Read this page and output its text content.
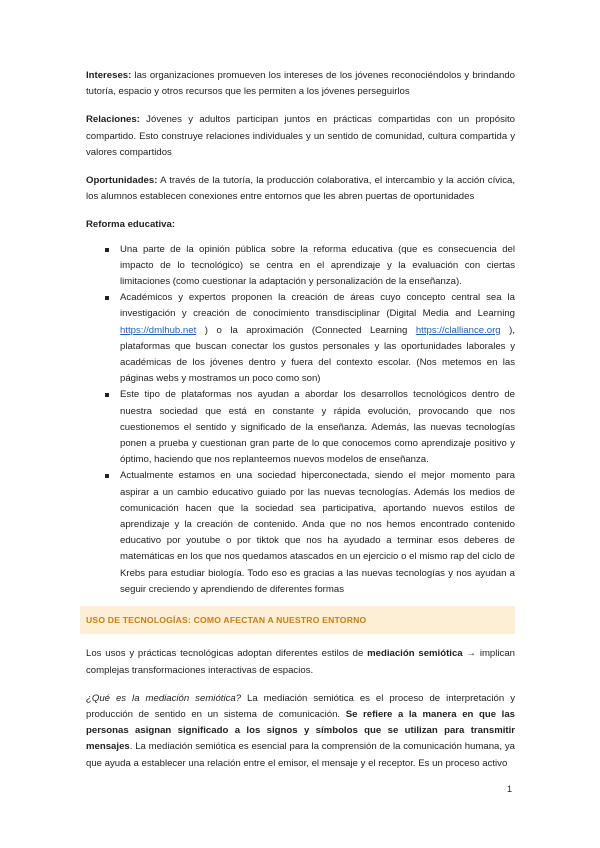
Intereses: las organizaciones promueven los intereses de los jóvenes reconociéndolos y brindando tutoría, espacio y otros recursos que les permiten a los jóvenes perseguirlos

Relaciones: Jóvenes y adultos participan juntos en prácticas compartidas con un propósito compartido. Esto construye relaciones individuales y un sentido de comunidad, cultura compartida y valores compartidos

Oportunidades: A través de la tutoría, la producción colaborativa, el intercambio y la acción cívica, los alumnos establecen conexiones entre entornos que les abren puertas de oportunidades

Reforma educativa:

Una parte de la opinión pública sobre la reforma educativa (que es consecuencia del impacto de lo tecnológico) se centra en el aprendizaje y la evaluación con ciertas limitaciones (como cuestionar la adaptación y personalización de la enseñanza).
Académicos y expertos proponen la creación de áreas cuyo concepto central sea la investigación y creación de conocimiento transdisciplinar (Digital Media and Learning https://dmlhub.net ) o la aproximación (Connected Learning https://clalliance.org ), plataformas que buscan conectar los gustos personales y las oportunidades laborales y académicas de los jóvenes dentro y fuera del contexto escolar. (Nos metemos en las páginas webs y mostramos un poco como son)
Este tipo de plataformas nos ayudan a abordar los desarrollos tecnológicos dentro de nuestra sociedad que está en constante y rápida evolución, provocando que nos cuestionemos el sentido y significado de la enseñanza. Además, las nuevas tecnologías ponen a prueba y cuestionan gran parte de lo que conocemos como aprendizaje positivo y óptimo, haciendo que nos replanteemos nuevos modelos de enseñanza.
Actualmente estamos en una sociedad hiperconectada, siendo el mejor momento para aspirar a un cambio educativo guiado por las nuevas tecnologías. Además los medios de comunicación hacen que la sociedad sea participativa, aportando nuevos estilos de aprendizaje y la creación de contenido. Anda que no nos hemos encontrado contenido educativo por youtube o por tiktok que nos ha ayudado a terminar esos deberes de matemáticas en los que nos quedamos atascados en un ejercicio o el mismo rap del ciclo de Krebs para estudiar biología. Todo eso es gracias a las nuevas tecnologías y nos ayudan a seguir creciendo y aprendiendo de diferentes formas
USO DE TECNOLOGÍAS: COMO AFECTAN A NUESTRO ENTORNO

Los usos y prácticas tecnológicas adoptan diferentes estilos de mediación semiótica → implican complejas transformaciones interactivas de espacios.

¿Qué es la mediación semiótica? La mediación semiótica es el proceso de interpretación y producción de sentido en un sistema de comunicación. Se refiere a la manera en que las personas asignan significado a los signos y símbolos que se utilizan para transmitir mensajes. La mediación semiótica es esencial para la comprensión de la comunicación humana, ya que ayuda a establecer una relación entre el emisor, el mensaje y el receptor. Es un proceso activo

1
